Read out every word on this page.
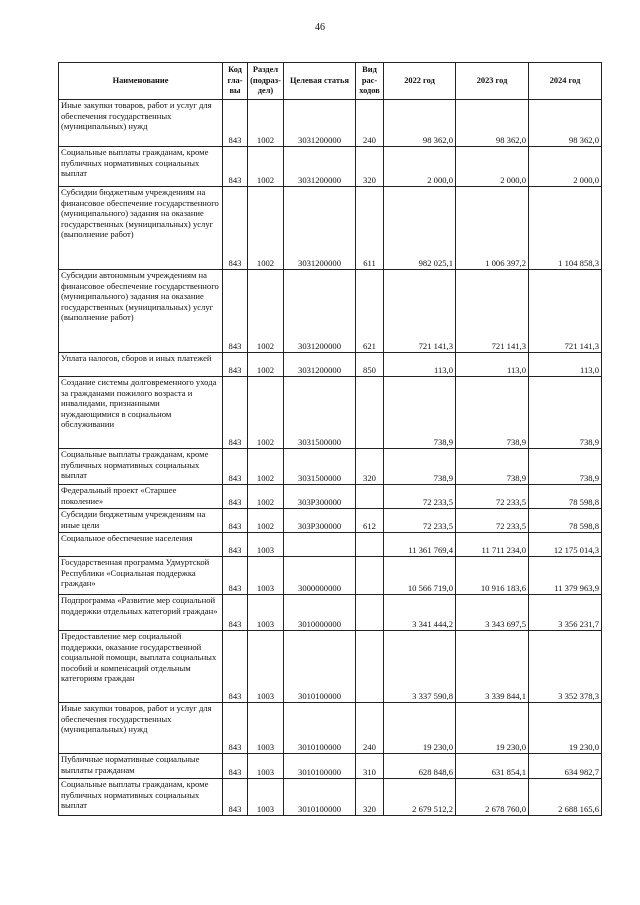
46
Наименование	Код гла-вы	Раздел (подраз-дел)	Целевая статья	Вид рас-ходов	2022 год	2023 год	2024 год
Иные закупки товаров, работ и услуг для обеспечения государственных (муниципальных) нужд	843	1002	3031200000	240	98 362,0	98 362,0	98 362,0
Социальные выплаты гражданам, кроме публичных нормативных социальных выплат	843	1002	3031200000	320	2 000,0	2 000,0	2 000,0
Субсидии бюджетным учреждениям на финансовое обеспечение государственного (муниципального) задания на оказание государственных (муниципальных) услуг (выполнение работ)	843	1002	3031200000	611	982 025,1	1 006 397,2	1 104 858,3
Субсидии автономным учреждениям на финансовое обеспечение государственного (муниципального) задания на оказание государственных (муниципальных) услуг (выполнение работ)	843	1002	3031200000	621	721 141,3	721 141,3	721 141,3
Уплата налогов, сборов и иных платежей	843	1002	3031200000	850	113,0	113,0	113,0
Создание системы долговременного ухода за гражданами пожилого возраста и инвалидами, признанными нуждающимися в социальном обслуживании	843	1002	3031500000		738,9	738,9	738,9
Социальные выплаты гражданам, кроме публичных нормативных социальных выплат	843	1002	3031500000	320	738,9	738,9	738,9
Федеральный проект «Старшее поколение»	843	1002	303P300000		72 233,5	72 233,5	78 598,8
Субсидии бюджетным учреждениям на иные цели	843	1002	303P300000	612	72 233,5	72 233,5	78 598,8
Социальное обеспечение населения	843	1003			11 361 769,4	11 711 234,0	12 175 014,3
Государственная программа Удмуртской Республики «Социальная поддержка граждан»	843	1003	3000000000		10 566 719,0	10 916 183,6	11 379 963,9
Подпрограмма «Развитие мер социальной поддержки отдельных категорий граждан»	843	1003	3010000000		3 341 444,2	3 343 697,5	3 356 231,7
Предоставление мер социальной поддержки, оказание государственной социальной помощи, выплата социальных пособий и компенсаций отдельным категориям граждан	843	1003	3010100000		3 337 590,8	3 339 844,1	3 352 378,3
Иные закупки товаров, работ и услуг для обеспечения государственных (муниципальных) нужд	843	1003	3010100000	240	19 230,0	19 230,0	19 230,0
Публичные нормативные социальные выплаты гражданам	843	1003	3010100000	310	628 848,6	631 854,1	634 982,7
Социальные выплаты гражданам, кроме публичных нормативных социальных выплат	843	1003	3010100000	320	2 679 512,2	2 678 760,0	2 688 165,6
